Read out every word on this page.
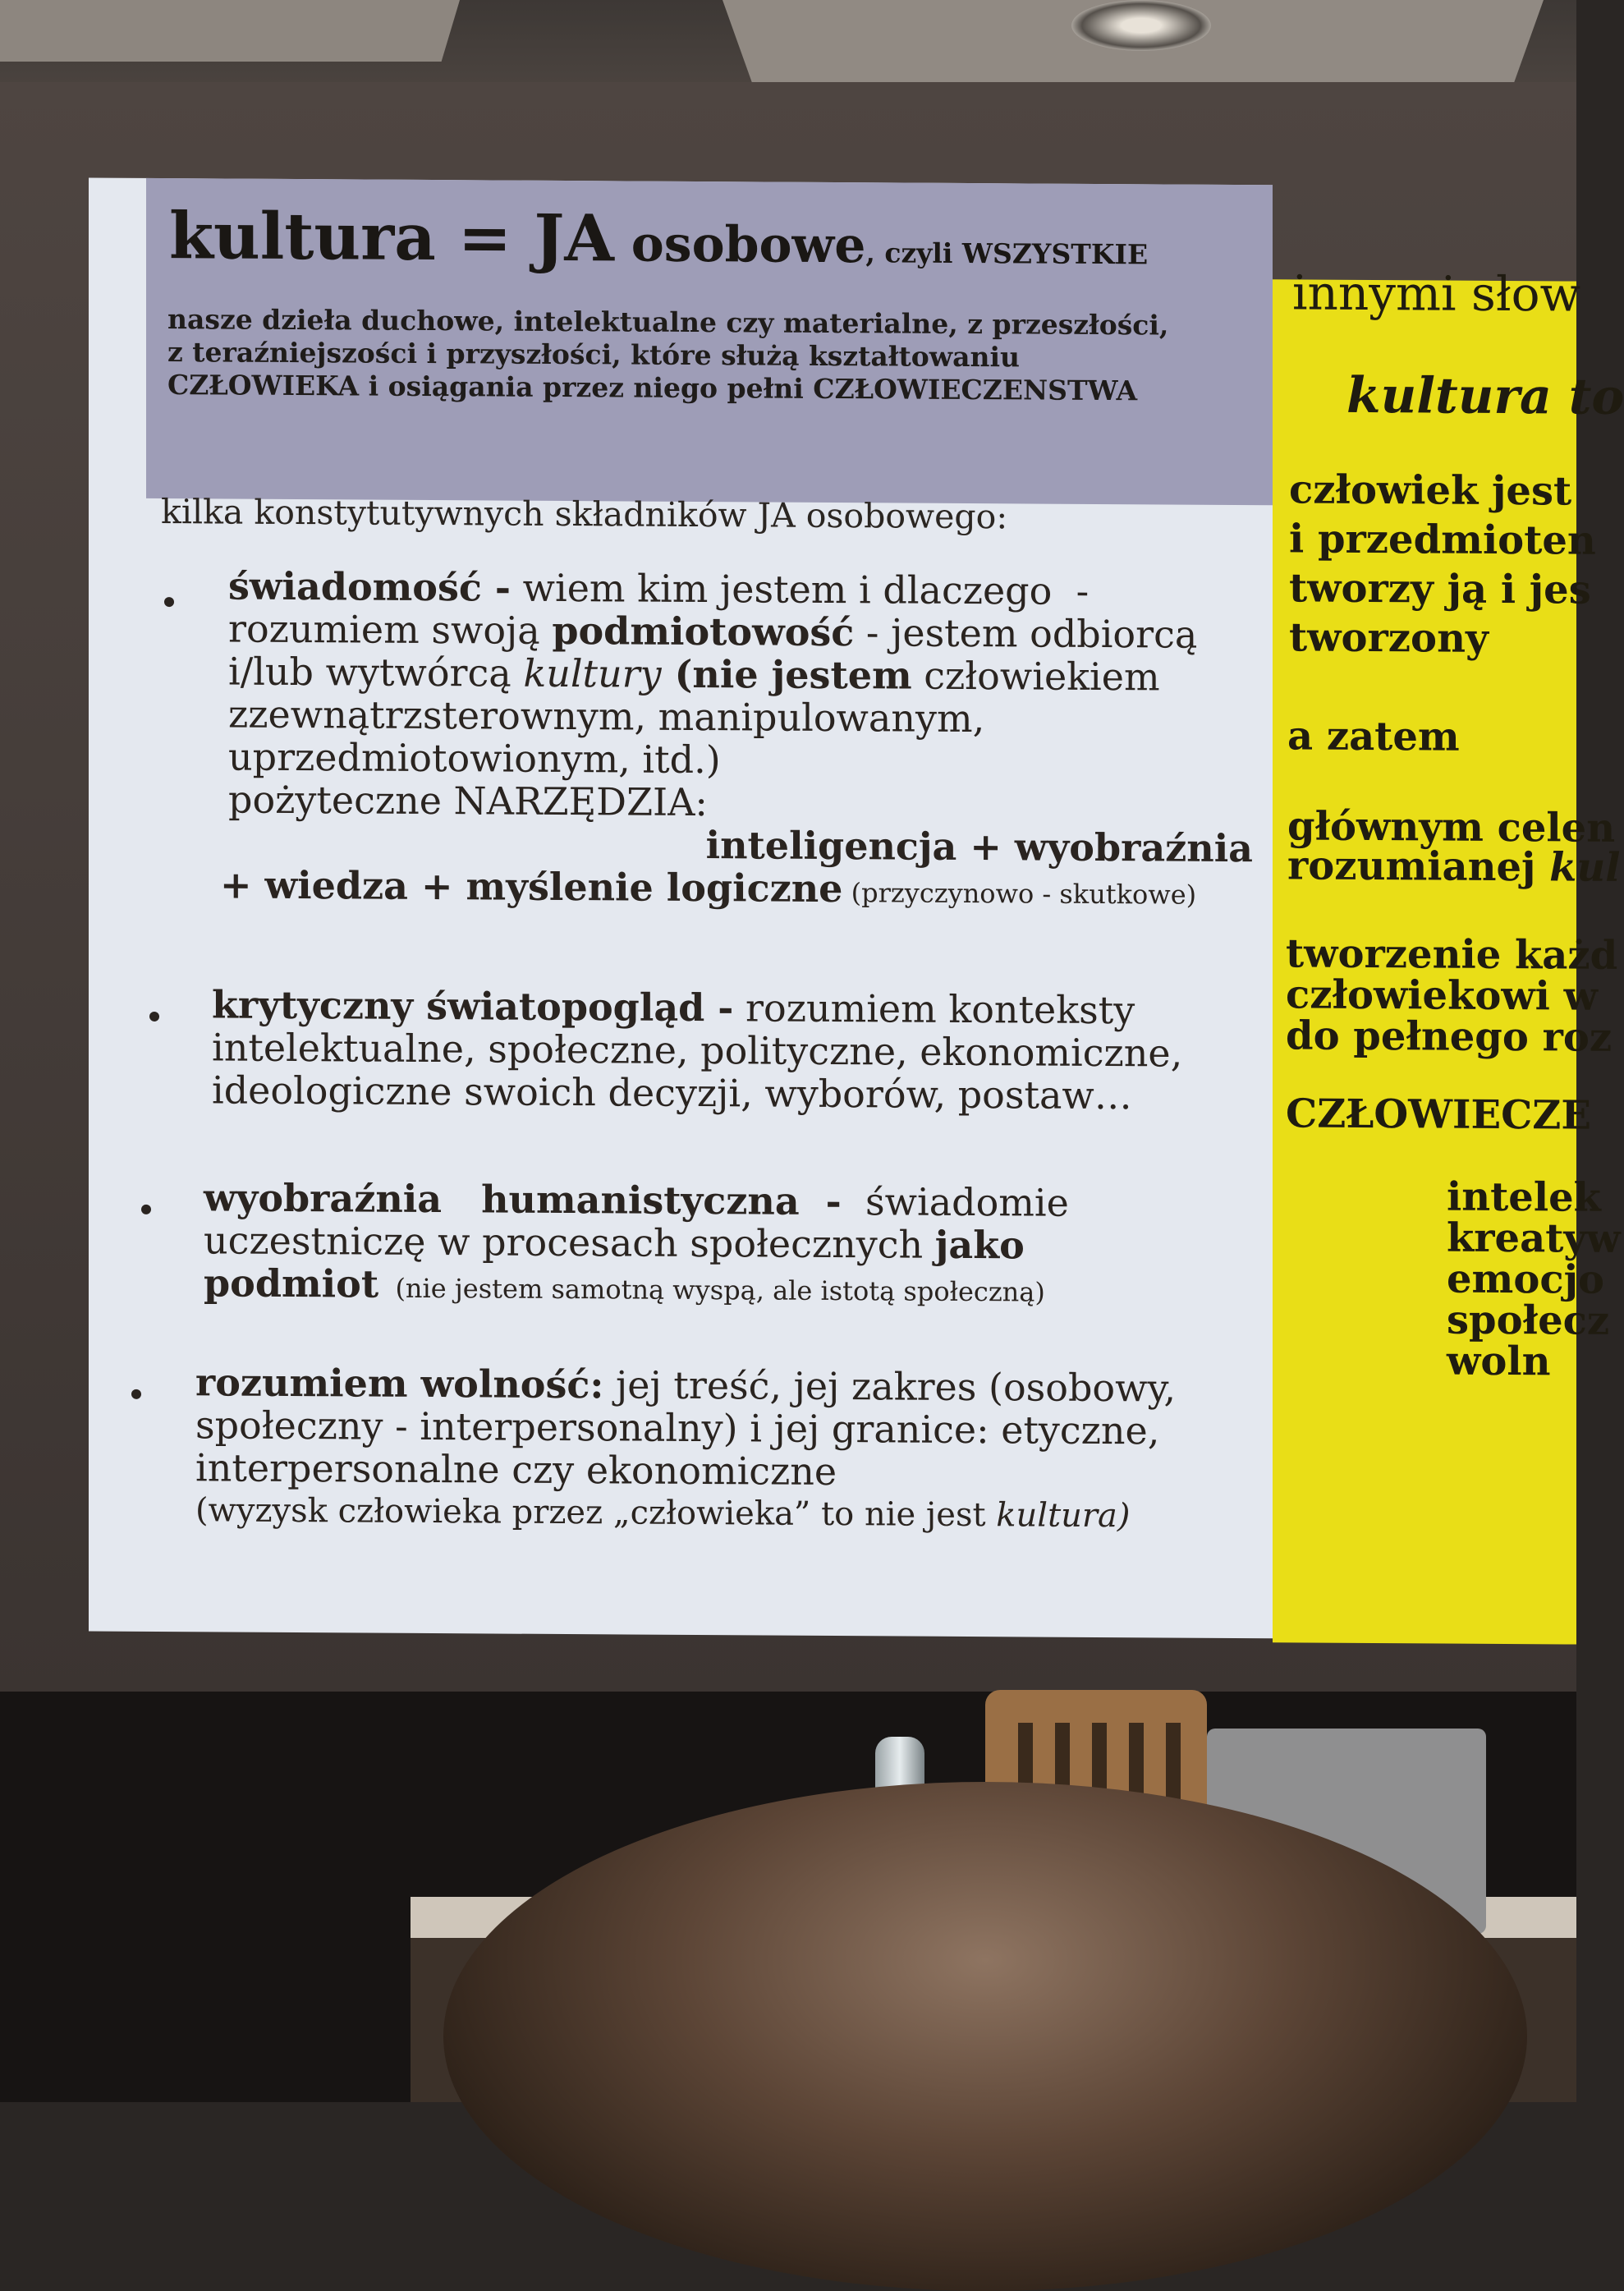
kultura = JA osobowe, czyli WSZYSTKIE
nasze dzieła duchowe, intelektualne czy materialne, z przeszłości,
z teraźniejszości i przyszłości, które służą kształtowaniu
CZŁOWIEKA i osiągania przez niego pełni CZŁOWIECZENSTWA
kilka konstytutywnych składników JA osobowego:
świadomość - wiem kim jestem i dlaczego  -
rozumiem swoją podmiotowość - jestem odbiorcą
i/lub wytwórcą kultury (nie jestem człowiekiem
zzewnątrzsterownym, manipulowanym,
uprzedmiotowionym, itd.)
pożyteczne NARZĘDZIA:
inteligencja + wyobraźnia
+ wiedza + myślenie logiczne (przyczynowo - skutkowe)
krytyczny światopogląd - rozumiem konteksty
intelektualne, społeczne, polityczne, ekonomiczne,
ideologiczne swoich decyzji, wyborów, postaw…
wyobraźnia   humanistyczna  -  świadomie
uczestniczę w procesach społecznych jako
podmiot  (nie jestem samotną wyspą, ale istotą społeczną)
rozumiem wolność: jej treść, jej zakres (osobowy,
społeczny - interpersonalny) i jej granice: etyczne,
interpersonalne czy ekonomiczne
(wyzysk człowieka przez „człowieka” to nie jest kultura)
innymi słow
kultura to
człowiek jest
i przedmioten
tworzy ją i jes
tworzony
a zatem
głównym celen
rozumianej kul
tworzenie każd
człowiekowi w
do pełnego roz
CZŁOWIECZE
intelek
kreatyw
emocjo
społecz
woln
